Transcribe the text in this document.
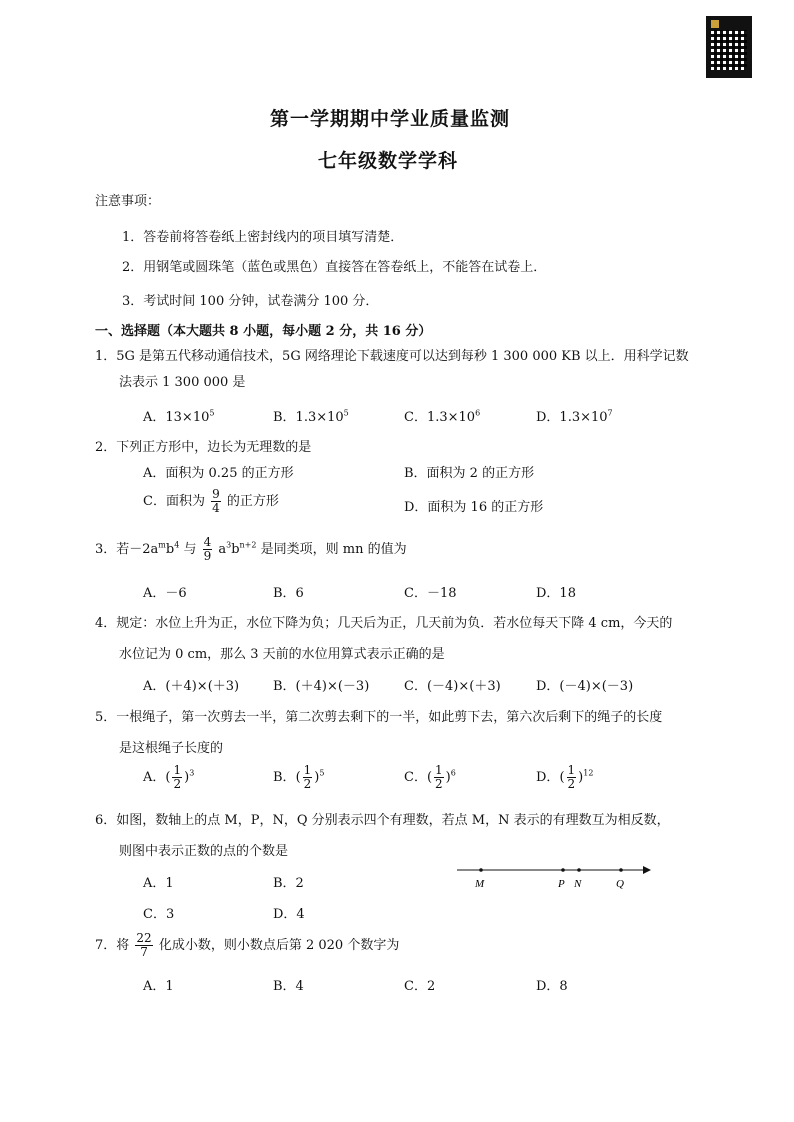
第一学期期中学业质量监测
七年级数学学科
注意事项：
1．答卷前将答卷纸上密封线内的项目填写清楚．
2．用钢笔或圆珠笔（蓝色或黑色）直接答在答卷纸上，不能答在试卷上．
3．考试时间 100 分钟，试卷满分 100 分．
一、选择题（本大题共 8 小题，每小题 2 分，共 16 分）
1．5G 是第五代移动通信技术，5G 网络理论下载速度可以达到每秒 1 300 000 KB 以上．用科学记数
法表示 1 300 000 是
A．$13\times 10^5$	B．$1.3\times 10^5$	C．$1.3\times 10^6$	D．$1.3\times 10^7$
2．下列正方形中，边长为无理数的是
A．面积为 0.25 的正方形	B．面积为 2 的正方形
C．面积为 $\frac{9}{4}$ 的正方形	D．面积为 16 的正方形
3．若$-2a^mb^4$ 与 $\frac{4}{9} a^3b^{n+2}$ 是同类项，则 mn 的值为
A．－6	B．6	C．－18	D．18
4．规定：水位上升为正，水位下降为负；几天后为正，几天前为负．若水位每天下降 4 cm，今天的
水位记为 0 cm，那么 3 天前的水位用算式表示正确的是
A．(＋4)×(＋3)	B．(＋4)×(－3)	C．(－4)×(＋3)	D．(－4)×(－3)
5．一根绳子，第一次剪去一半，第二次剪去剩下的一半，如此剪下去，第六次后剩下的绳子的长度
是这根绳子长度的
A．( $\frac{1}{2} )^3$	B．( $\frac{1}{2} )^5$	C．( $\frac{1}{2} )^6$	D．( $\frac{1}{2} )^{12}$
6．如图，数轴上的点 M，P，N，Q 分别表示四个有理数，若点 M，N 表示的有理数互为相反数，
则图中表示正数的点的个数是
A．1	B．2
C．3	D．4
M	P N	Q
7．将 $\frac{22}{7}$ 化成小数，则小数点后第 2 020 个数字为
A．1	B．4	C．2	D．8
